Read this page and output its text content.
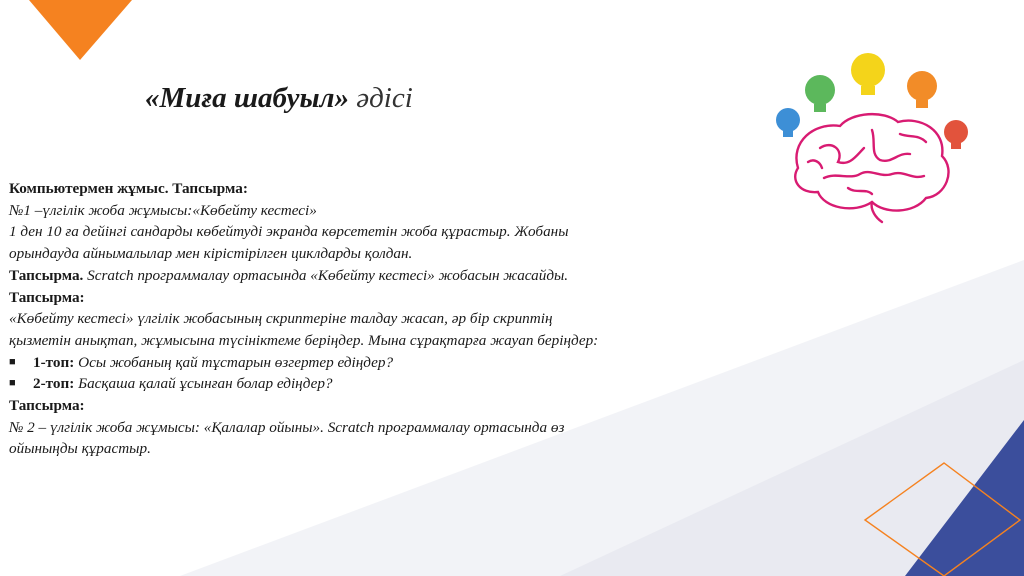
«Миға шабуыл» әдісі

Компьютермен жұмыс. Тапсырма:

№1 –үлгілік жоба жұмысы:«Көбейту кестесі»

1 ден 10 ға дейінгі сандарды көбейтуді экранда көрсететін жоба құрастыр. Жобаны

орындауда айнымалылар мен кірістірілген циклдарды қолдан.

Тапсырма. Scratch программалау ортасында «Көбейту кестесі» жобасын жасайды.

Тапсырма:

«Көбейту кестесі» үлгілік жобасының скриптеріне талдау жасап, әр бір скриптің

қызметін анықтап, жұмысына түсініктеме беріңдер. Мына сұрақтарға жауап беріңдер:

■	1-топ: Осы жобаның қай тұстарын өзгертер едіңдер?
■	2-топ: Басқаша қалай ұсынған болар едіңдер?

Тапсырма:

№ 2 – үлгілік жоба жұмысы: «Қалалар ойыны». Scratch программалау ортасында өз

ойыныңды құрастыр.
